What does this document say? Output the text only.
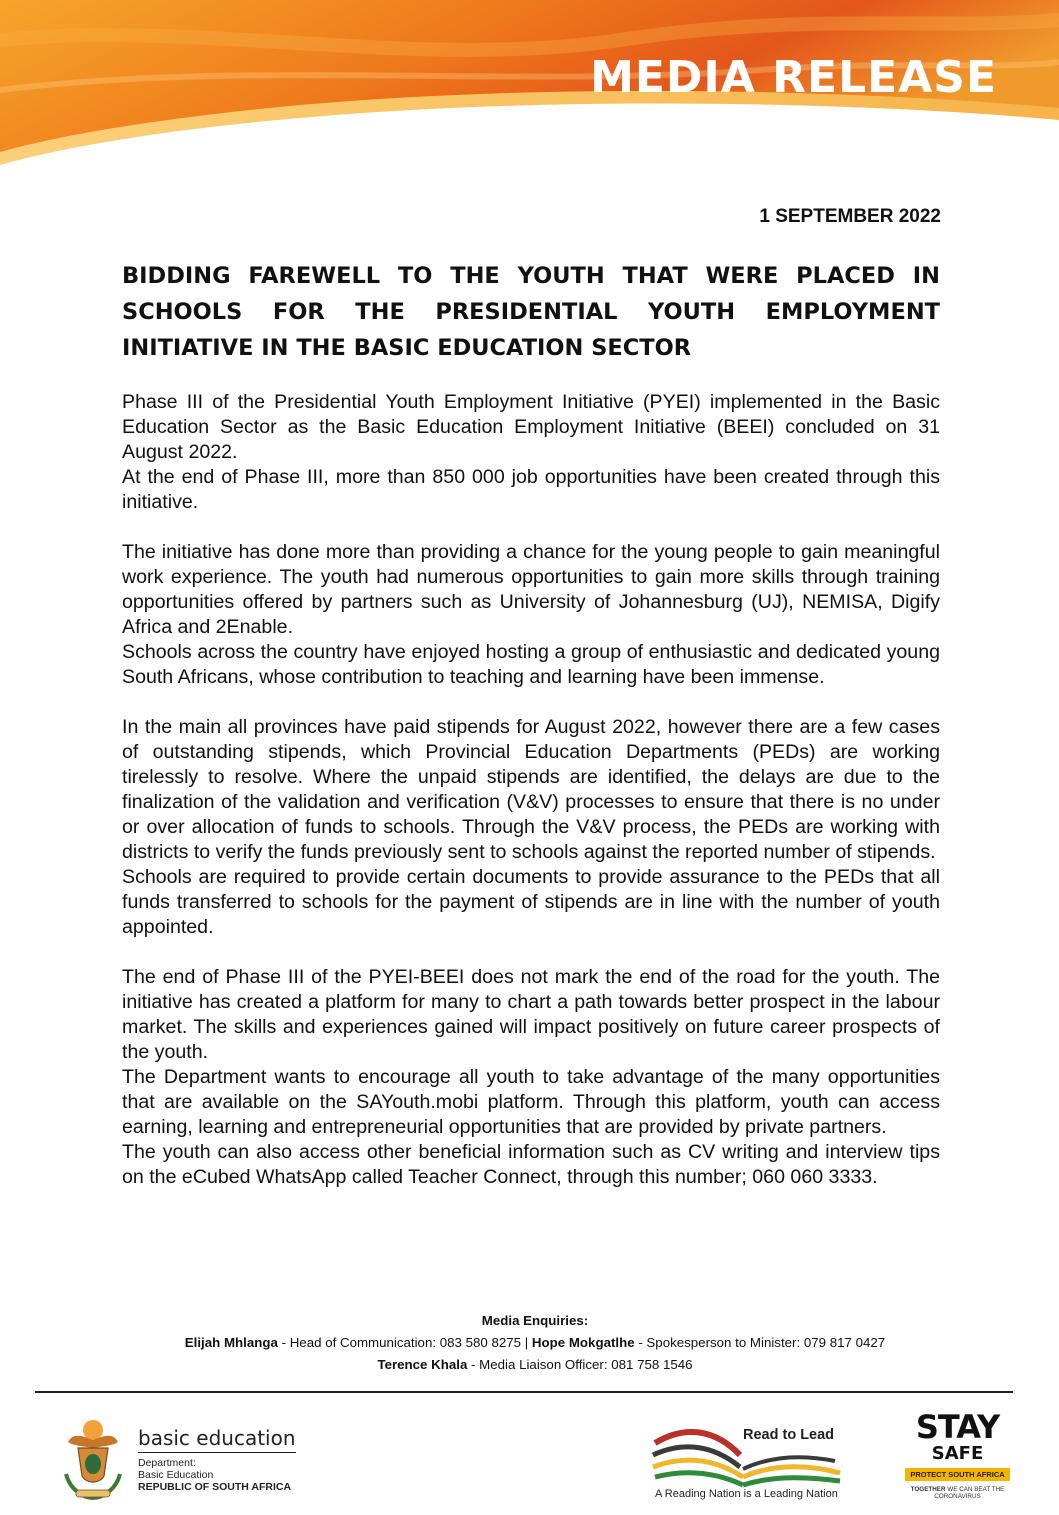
MEDIA RELEASE
1 SEPTEMBER 2022
BIDDING FAREWELL TO THE YOUTH THAT WERE PLACED IN SCHOOLS FOR THE PRESIDENTIAL YOUTH EMPLOYMENT INITIATIVE IN THE BASIC EDUCATION SECTOR

Phase III of the Presidential Youth Employment Initiative (PYEI) implemented in the Basic Education Sector as the Basic Education Employment Initiative (BEEI) concluded on 31 August 2022.

At the end of Phase III, more than 850 000 job opportunities have been created through this initiative.

The initiative has done more than providing a chance for the young people to gain meaningful work experience. The youth had numerous opportunities to gain more skills through training opportunities offered by partners such as University of Johannesburg (UJ), NEMISA, Digify Africa and 2Enable.

Schools across the country have enjoyed hosting a group of enthusiastic and dedicated young South Africans, whose contribution to teaching and learning have been immense.

In the main all provinces have paid stipends for August 2022, however there are a few cases of outstanding stipends, which Provincial Education Departments (PEDs) are working tirelessly to resolve. Where the unpaid stipends are identified, the delays are due to the finalization of the validation and verification (V&V) processes to ensure that there is no under or over allocation of funds to schools. Through the V&V process, the PEDs are working with districts to verify the funds previously sent to schools against the reported number of stipends.

Schools are required to provide certain documents to provide assurance to the PEDs that all funds transferred to schools for the payment of stipends are in line with the number of youth appointed.

The end of Phase III of the PYEI-BEEI does not mark the end of the road for the youth. The initiative has created a platform for many to chart a path towards better prospect in the labour market. The skills and experiences gained will impact positively on future career prospects of the youth.

The Department wants to encourage all youth to take advantage of the many opportunities that are available on the SAYouth.mobi platform. Through this platform, youth can access earning, learning and entrepreneurial opportunities that are provided by private partners.

The youth can also access other beneficial information such as CV writing and interview tips on the eCubed WhatsApp called Teacher Connect, through this number; 060 060 3333.

Media Enquiries:
Elijah Mhlanga - Head of Communication: 083 580 8275 | Hope Mokgatlhe - Spokesperson to Minister: 079 817 0427
Terence Khala - Media Liaison Officer: 081 758 1546
basic education
Department:
Basic Education
REPUBLIC OF SOUTH AFRICA
Read to Lead
A Reading Nation is a Leading Nation
STAY
SAFE
PROTECT SOUTH AFRICA
TOGETHER WE CAN BEAT THE CORONAVIRUS
